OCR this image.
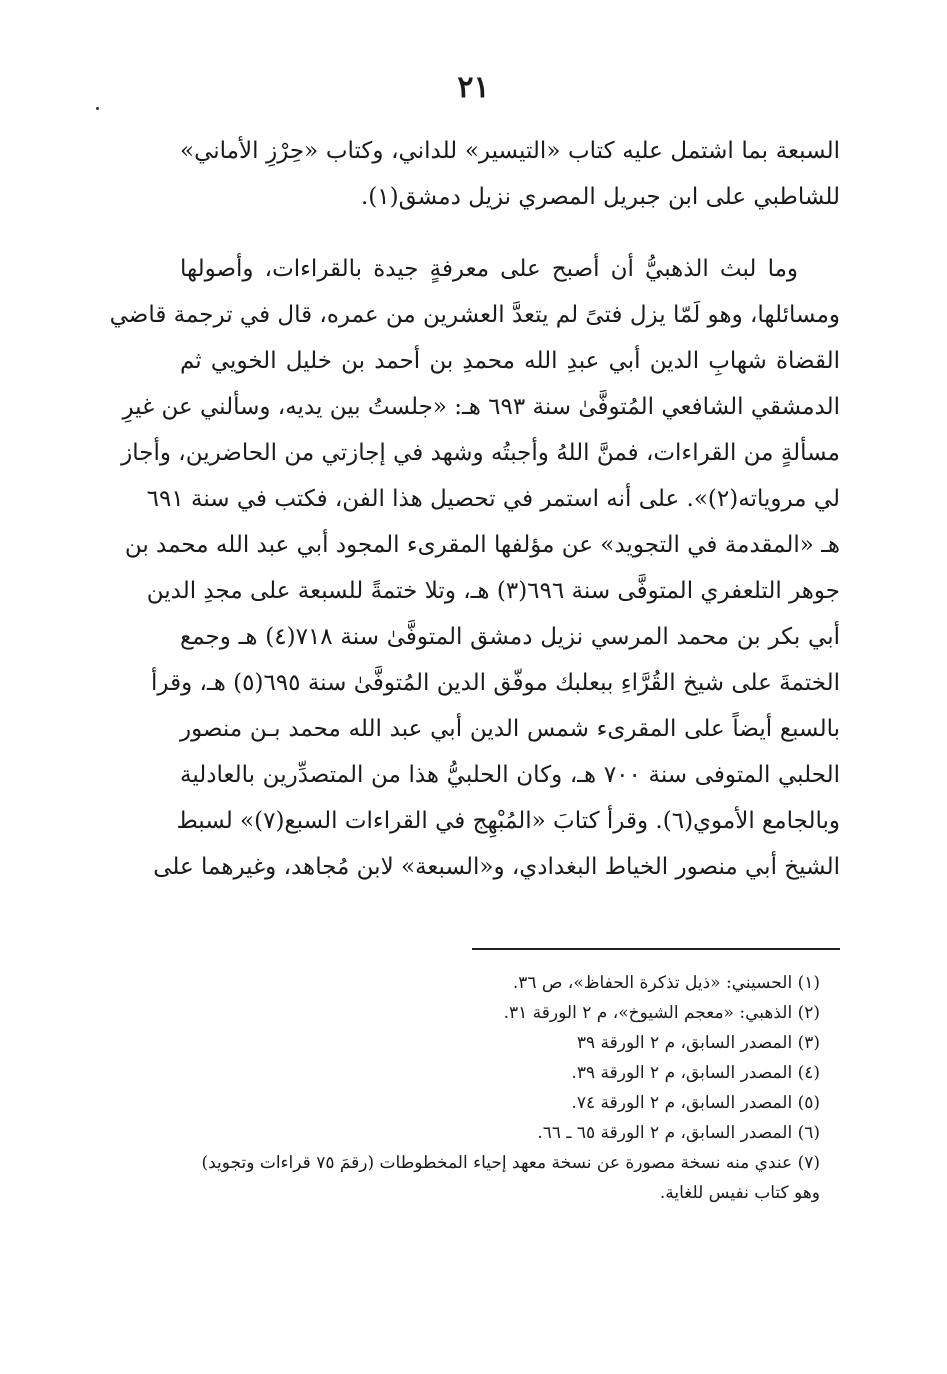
٢١
السبعة بما اشتمل عليه كتاب «التيسير» للداني، وكتاب «حِرْزِ الأماني»
للشاطبي على ابن جبريل المصري نزيل دمشق(١).
وما لبث الذهبيُّ أن أصبح على معرفةٍ جيدة بالقراءات، وأصولها
ومسائلها، وهو لَمّا يزل فتىً لم يتعدَّ العشرين من عمره، قال في ترجمة قاضي
القضاة شهابِ الدين أبي عبدِ الله محمدِ بن أحمد بن خليل الخويي ثم
الدمشقي الشافعي المُتوفَّىٰ سنة ٦٩٣ هـ: «جلستُ بين يديه، وسألني عن غيرِ
مسألةٍ من القراءات، فمنَّ اللهُ وأجبتُه وشهد في إجازتي من الحاضرين، وأجاز
لي مروياته(٢)». على أنه استمر في تحصيل هذا الفن، فكتب في سنة ٦٩١
هـ «المقدمة في التجويد» عن مؤلفها المقرىء المجود أبي عبد الله محمد بن
جوهر التلعفري المتوفَّى سنة ٦٩٦(٣) هـ، وتلا ختمةً للسبعة على مجدِ الدين
أبي بكر بن محمد المرسي نزيل دمشق المتوفَّىٰ سنة ٧١٨(٤) هـ وجمع
الختمةَ على شيخ القُرَّاءِ ببعلبك موفّق الدين المُتوفَّىٰ سنة ٦٩٥(٥) هـ، وقرأ
بالسبع أيضاً على المقرىء شمس الدين أبي عبد الله محمد بـن منصور
الحلبي المتوفى سنة ٧٠٠ هـ، وكان الحلبيُّ هذا من المتصدِّرين بالعادلية
وبالجامع الأموي(٦). وقرأ كتابَ «المُبْهِج في القراءات السبع(٧)» لسبط
الشيخ أبي منصور الخياط البغدادي، و«السبعة» لابن مُجاهد، وغيرهما على
(١) الحسيني: «ذيل تذكرة الحفاظ»، ص ٣٦.
(٢) الذهبي: «معجم الشيوخ»، م ٢ الورقة ٣١.
(٣) المصدر السابق، م ٢ الورقة ٣٩
(٤) المصدر السابق، م ٢ الورقة ٣٩.
(٥) المصدر السابق، م ٢ الورقة ٧٤.
(٦) المصدر السابق، م ٢ الورقة ٦٥ ـ ٦٦.
(٧) عندي منه نسخة مصورة عن نسخة معهد إحياء المخطوطات (رقمَ ٧٥ قراءات وتجويد)
وهو كتاب نفيس للغاية.
